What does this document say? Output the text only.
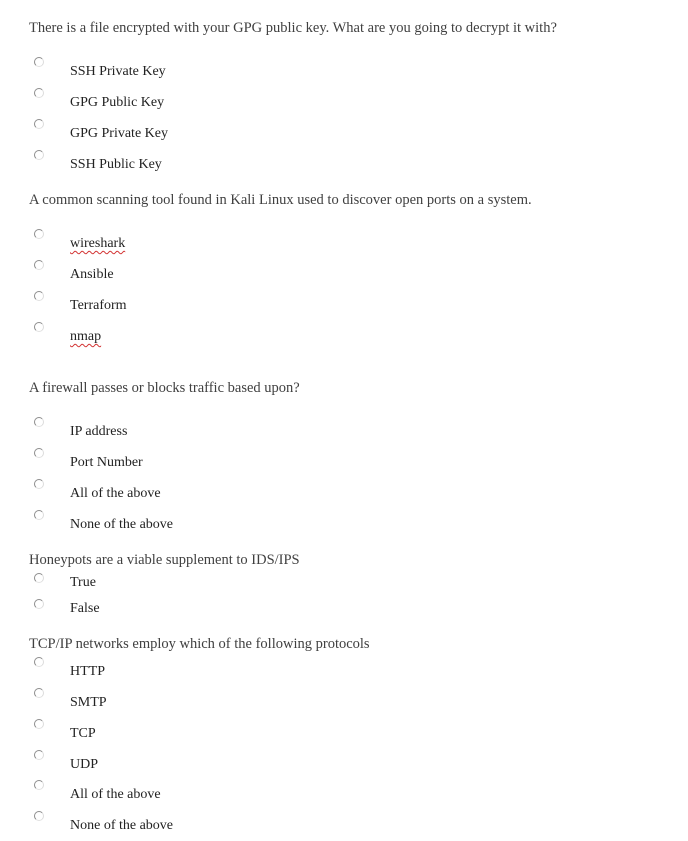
There is a file encrypted with your GPG public key. What are you going to decrypt it with?
SSH Private Key
GPG Public Key
GPG Private Key
SSH Public Key
A common scanning tool found in Kali Linux used to discover open ports on a system.
wireshark
Ansible
Terraform
nmap
A firewall passes or blocks traffic based upon?
IP address
Port Number
All of the above
None of the above
Honeypots are a viable supplement to IDS/IPS
True
False
TCP/IP networks employ which of the following protocols
HTTP
SMTP
TCP
UDP
All of the above
None of the above
